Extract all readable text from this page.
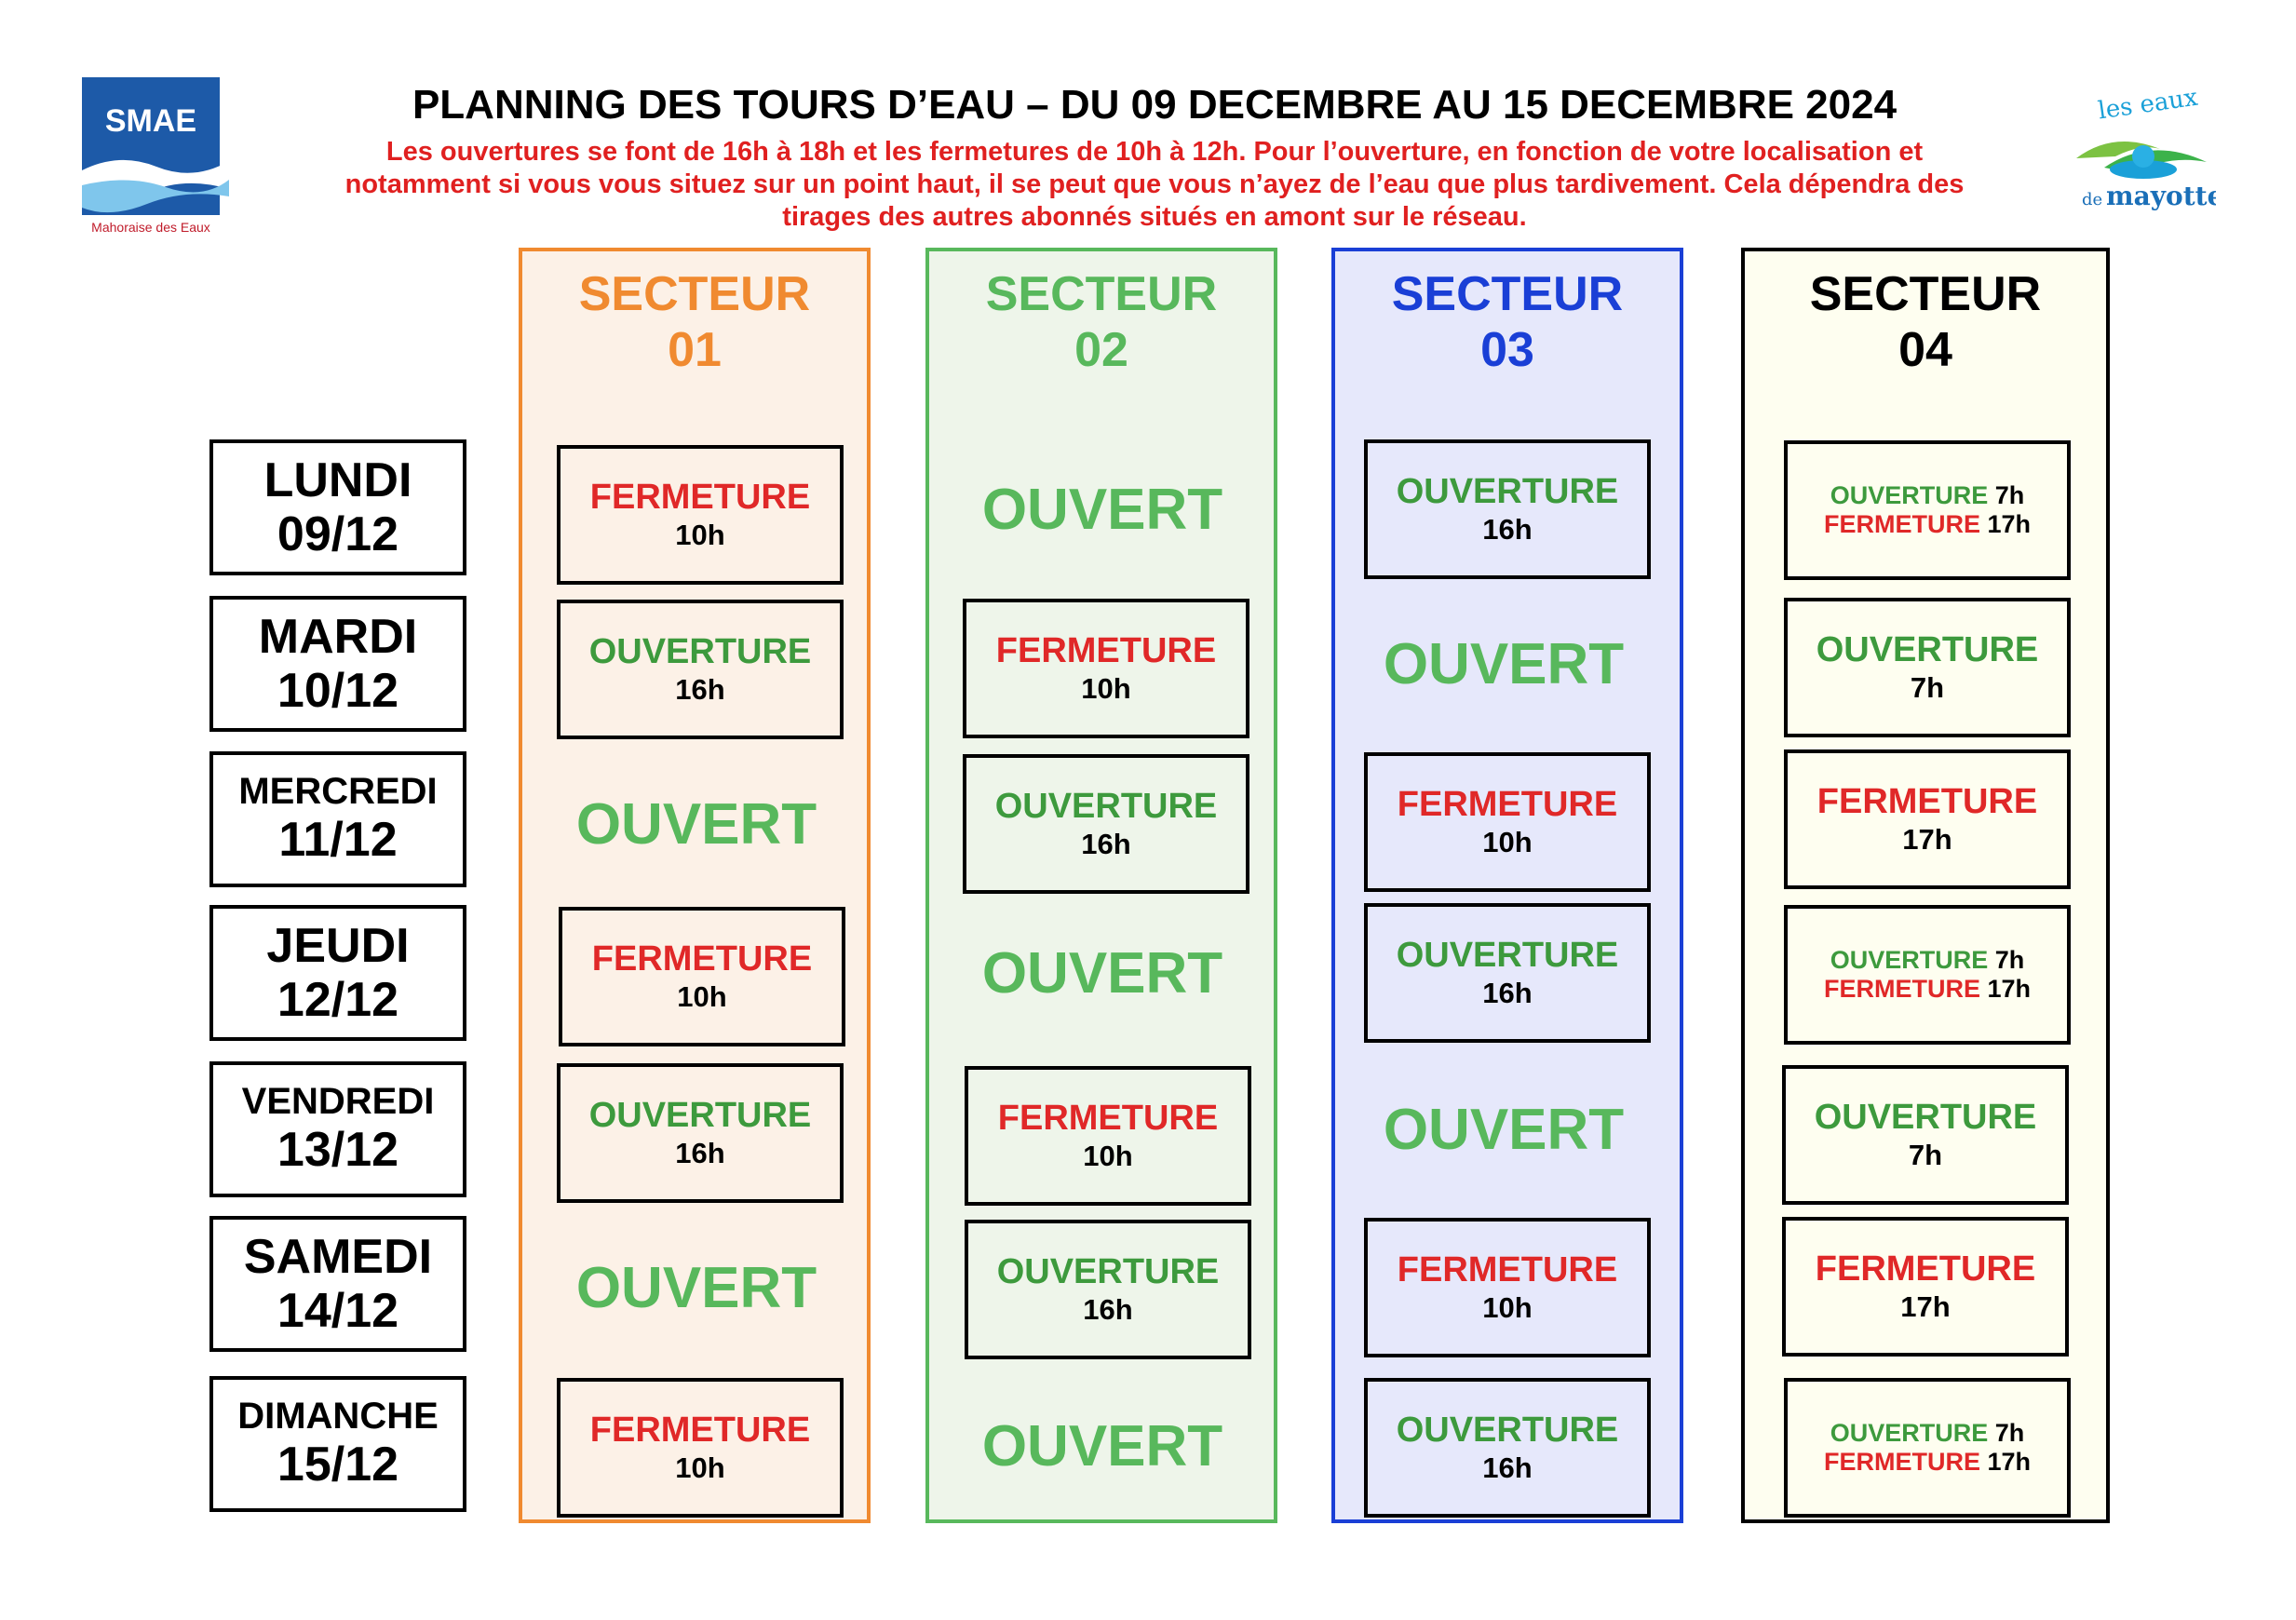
PLANNING DES TOURS D’EAU – DU 09 DECEMBRE AU 15 DECEMBRE 2024
Les ouvertures se font de 16h à 18h et les fermetures de 10h à 12h. Pour l’ouverture, en fonction de votre localisation et
notamment si vous vous situez sur un point haut, il se peut que vous n’ayez de l’eau que plus tardivement. Cela dépendra des
tirages des autres abonnés situés en amont sur le réseau.
SMAE
Mahoraise des Eaux
les eaux
de mayotte
LUNDI
09/12
MARDI
10/12
MERCREDI
11/12
JEUDI
12/12
VENDREDI
13/12
SAMEDI
14/12
DIMANCHE
15/12
SECTEUR
01
FERMETURE
10h
OUVERTURE
16h
OUVERT
FERMETURE
10h
OUVERTURE
16h
OUVERT
FERMETURE
10h
SECTEUR
02
OUVERT
FERMETURE
10h
OUVERTURE
16h
OUVERT
FERMETURE
10h
OUVERTURE
16h
OUVERT
SECTEUR
03
OUVERTURE
16h
OUVERT
FERMETURE
10h
OUVERTURE
16h
OUVERT
FERMETURE
10h
OUVERTURE
16h
SECTEUR
04
OUVERTURE 7h
FERMETURE 17h
OUVERTURE
7h
FERMETURE
17h
OUVERTURE 7h
FERMETURE 17h
OUVERTURE
7h
FERMETURE
17h
OUVERTURE 7h
FERMETURE 17h
